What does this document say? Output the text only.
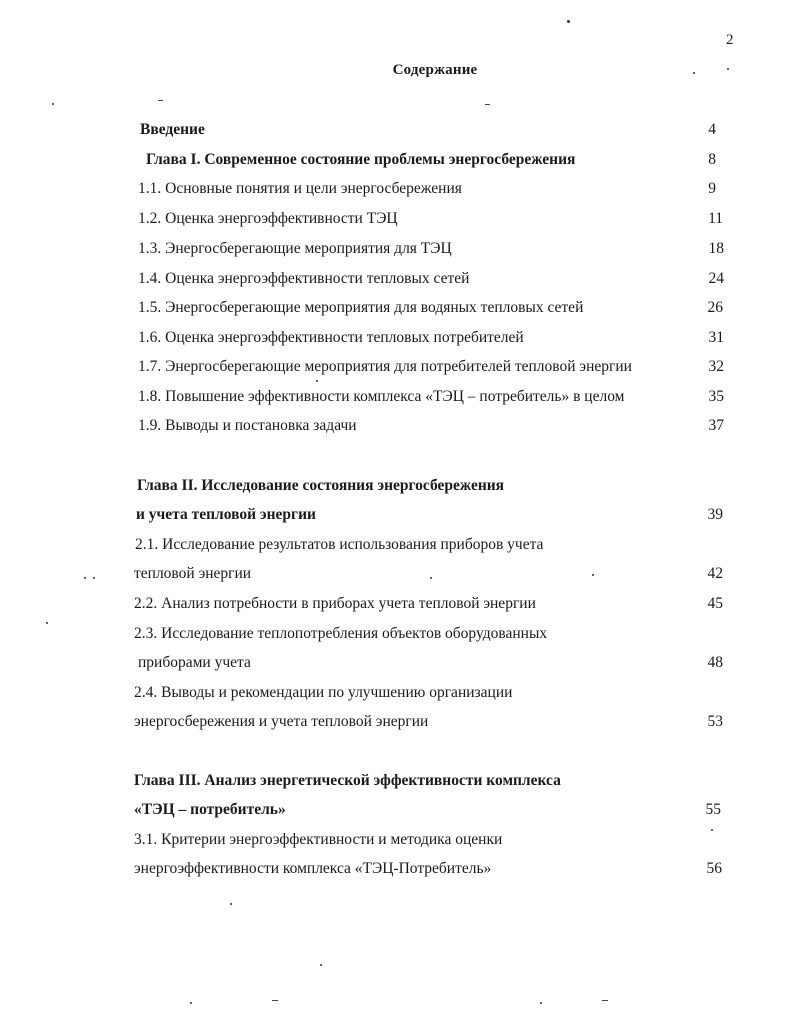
2
Содержание
Введение	4
Глава I. Современное состояние проблемы энергосбережения	8
1.1. Основные понятия и цели энергосбережения	9
1.2. Оценка энергоэффективности ТЭЦ	11
1.3. Энергосберегающие мероприятия для ТЭЦ	18
1.4. Оценка энергоэффективности тепловых сетей	24
1.5. Энергосберегающие мероприятия для водяных тепловых сетей	26
1.6. Оценка энергоэффективности тепловых потребителей	31
1.7. Энергосберегающие мероприятия для потребителей тепловой энергии	32
1.8. Повышение эффективности комплекса «ТЭЦ – потребитель» в целом	35
1.9. Выводы и постановка задачи	37
Глава II. Исследование состояния энергосбережения
и учета тепловой энергии	39
2.1. Исследование результатов использования приборов учета
тепловой энергии	42
2.2. Анализ потребности в приборах учета тепловой энергии	45
2.3. Исследование теплопотребления объектов оборудованных
приборами учета	48
2.4. Выводы и рекомендации по улучшению организации
энергосбережения и учета тепловой энергии	53
Глава III. Анализ энергетической эффективности комплекса
«ТЭЦ – потребитель»	55
3.1. Критерии энергоэффективности и методика оценки
энергоэффективности комплекса «ТЭЦ-Потребитель»	56
